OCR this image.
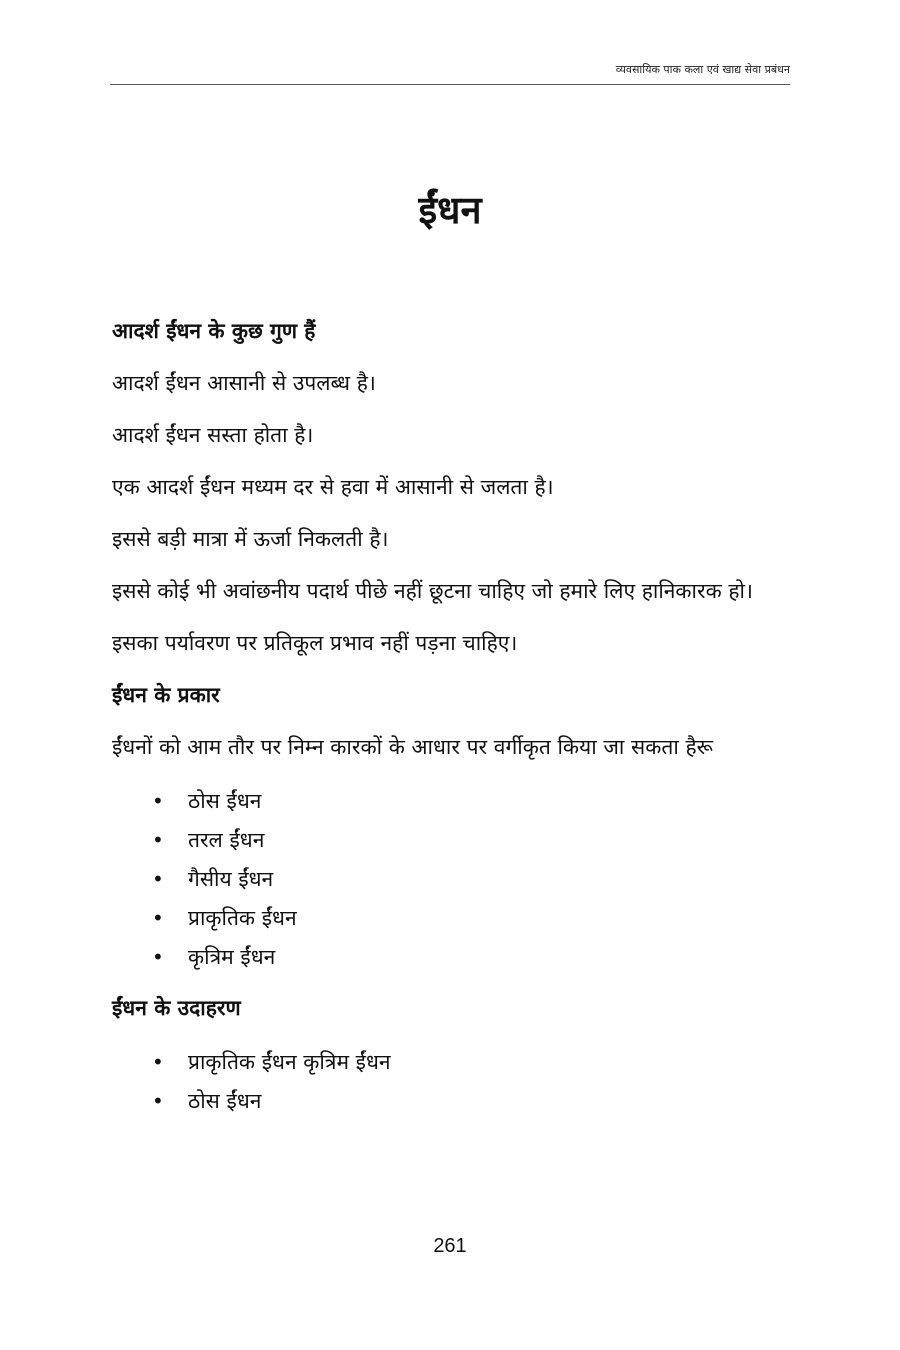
व्यवसायिक पाक कला एवं खाद्य सेवा प्रबंधन
ईंधन
आदर्श ईंधन के कुछ गुण हैं

आदर्श ईंधन आसानी से उपलब्ध है।

आदर्श ईंधन सस्ता होता है।

एक आदर्श ईंधन मध्यम दर से हवा में आसानी से जलता है।

इससे बड़ी मात्रा में ऊर्जा निकलती है।

इससे कोई भी अवांछनीय पदार्थ पीछे नहीं छूटना चाहिए जो हमारे लिए हानिकारक हो।

इसका पर्यावरण पर प्रतिकूल प्रभाव नहीं पड़ना चाहिए।

ईंधन के प्रकार

ईंधनों को आम तौर पर निम्न कारकों के आधार पर वर्गीकृत किया जा सकता हैरू

• ठोस ईंधन
• तरल ईंधन
• गैसीय ईंधन
• प्राकृतिक ईंधन
• कृत्रिम ईंधन
ईंधन के उदाहरण
• प्राकृतिक ईंधन कृत्रिम ईंधन
• ठोस ईंधन
261
